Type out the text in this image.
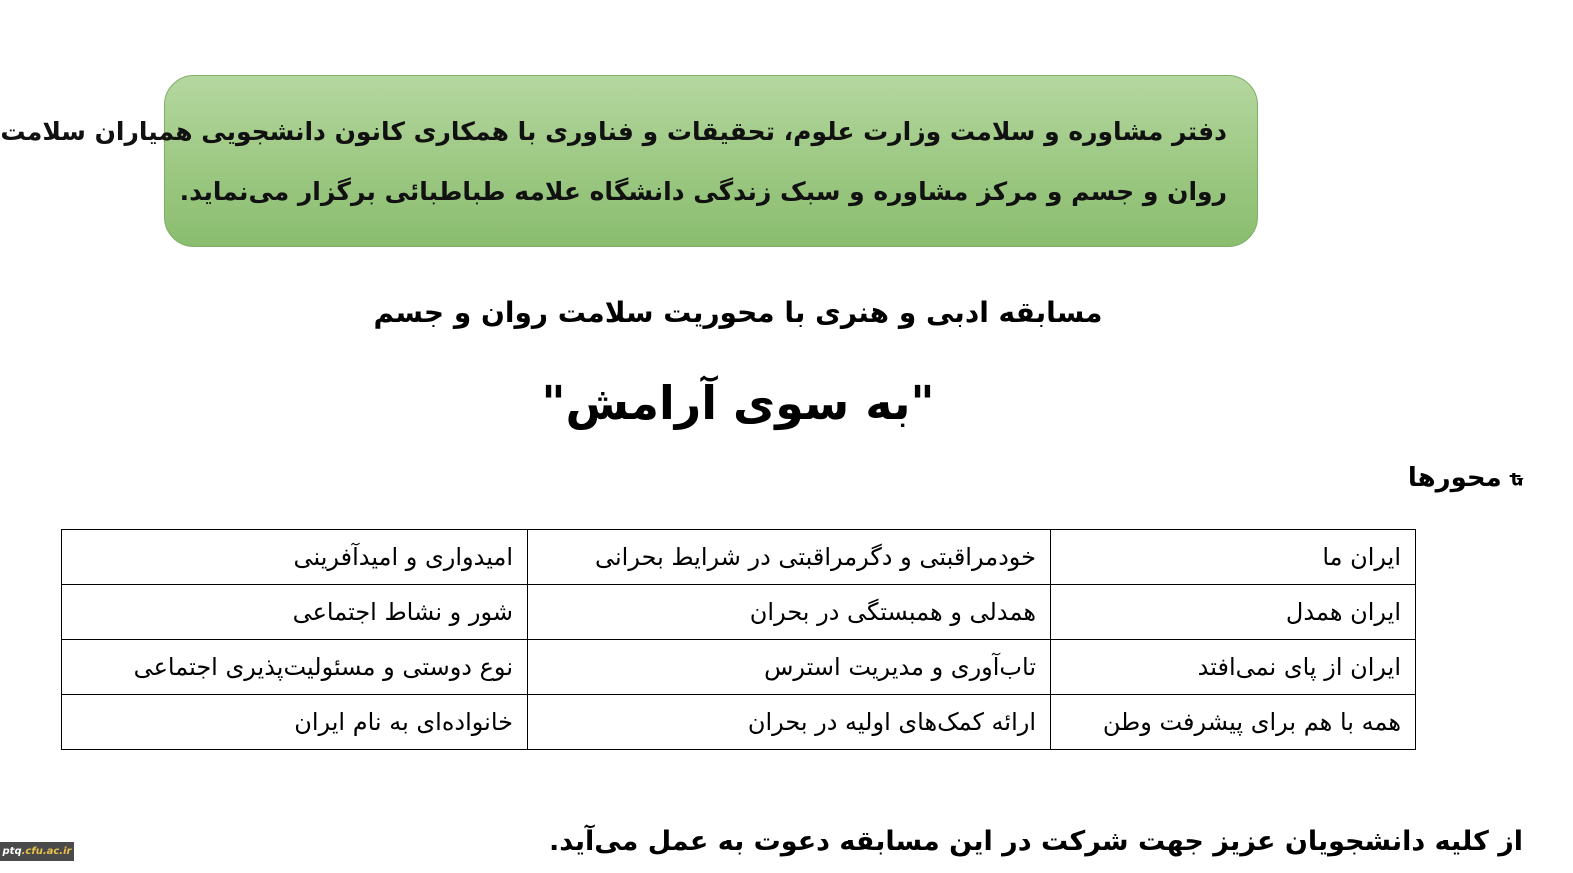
دفتر مشاوره و سلامت وزارت علوم، تحقیقات و فناوری با همکاری کانون دانشجویی همیاران سلامت
روان و جسم و مرکز مشاوره و سبک زندگی دانشگاه علامه طباطبائی برگزار می‌نماید.
مسابقه ادبی و هنری با محوریت سلامت روان و جسم
"به سوی آرامش"
ꮏ
محورها
ایران ما	خودمراقبتی و دگرمراقبتی در شرایط بحرانی	امیدواری و امیدآفرینی
ایران همدل	همدلی و همبستگی در بحران	شور و نشاط اجتماعی
ایران از پای نمی‌افتد	تاب‌آوری و مدیریت استرس	نوع دوستی و مسئولیت‌پذیری اجتماعی
همه با هم برای پیشرفت وطن	ارائه کمک‌های اولیه در بحران	خانواده‌ای به نام ایران
از کلیه دانشجویان عزیز جهت شرکت در این مسابقه دعوت به عمل می‌آید.
ptq.cfu.ac.ir
